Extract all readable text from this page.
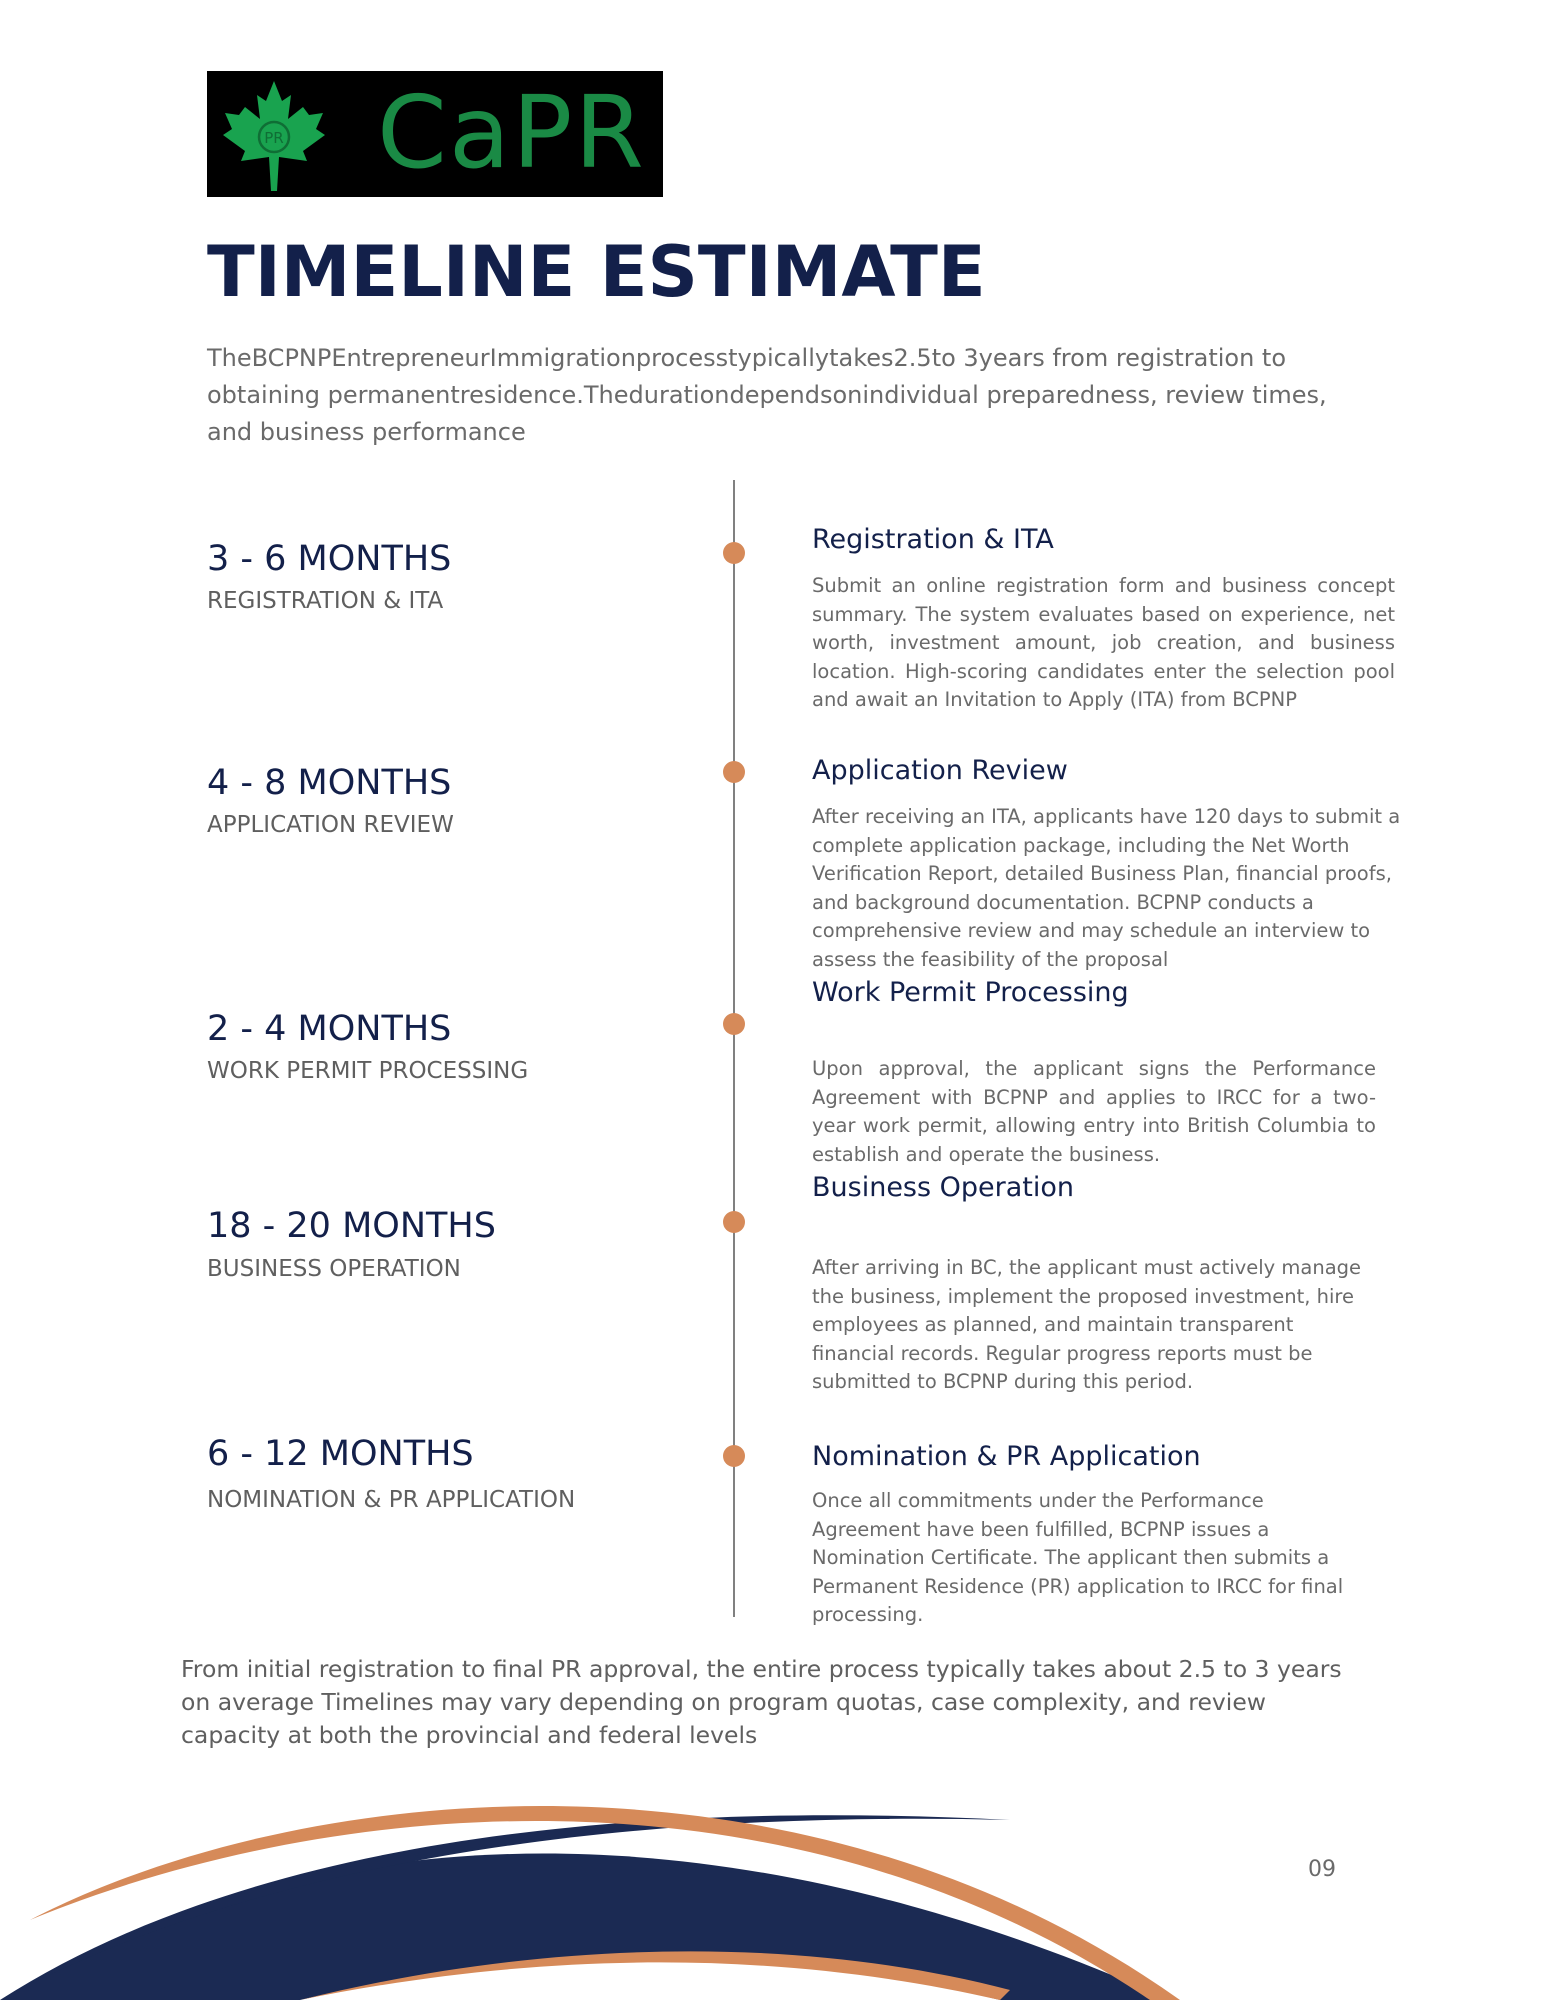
PR CaPR
TIMELINE ESTIMATE

TheBCPNPEntrepreneurImmigrationprocesstypicallytakes2.5to 3years from registration to obtaining permanentresidence.Thedurationdependsonindividual preparedness, review times, and business performance

3 - 6 MONTHS

REGISTRATION & ITA

Registration & ITA

Submit an online registration form and business concept summary. The system evaluates based on experience, net worth, investment amount, job creation, and business location. High-scoring candidates enter the selection pool and await an Invitation to Apply (ITA) from BCPNP

4 - 8 MONTHS

APPLICATION REVIEW

Application Review

After receiving an ITA, applicants have 120 days to submit a complete application package, including the Net Worth Verification Report, detailed Business Plan, financial proofs, and background documentation. BCPNP conducts a comprehensive review and may schedule an interview to assess the feasibility of the proposal

2 - 4 MONTHS

WORK PERMIT PROCESSING

Work Permit Processing

Upon approval, the applicant signs the Performance Agreement with BCPNP and applies to IRCC for a two-year work permit, allowing entry into British Columbia to establish and operate the business.

18 - 20 MONTHS

BUSINESS OPERATION

Business Operation

After arriving in BC, the applicant must actively manage the business, implement the proposed investment, hire employees as planned, and maintain transparent financial records. Regular progress reports must be submitted to BCPNP during this period.

6 - 12 MONTHS

NOMINATION & PR APPLICATION

Nomination & PR Application

Once all commitments under the Performance Agreement have been fulfilled, BCPNP issues a Nomination Certificate. The applicant then submits a Permanent Residence (PR) application to IRCC for final processing.

From initial registration to final PR approval, the entire process typically takes about 2.5 to 3 years on average Timelines may vary depending on program quotas, case complexity, and review capacity at both the provincial and federal levels

09
